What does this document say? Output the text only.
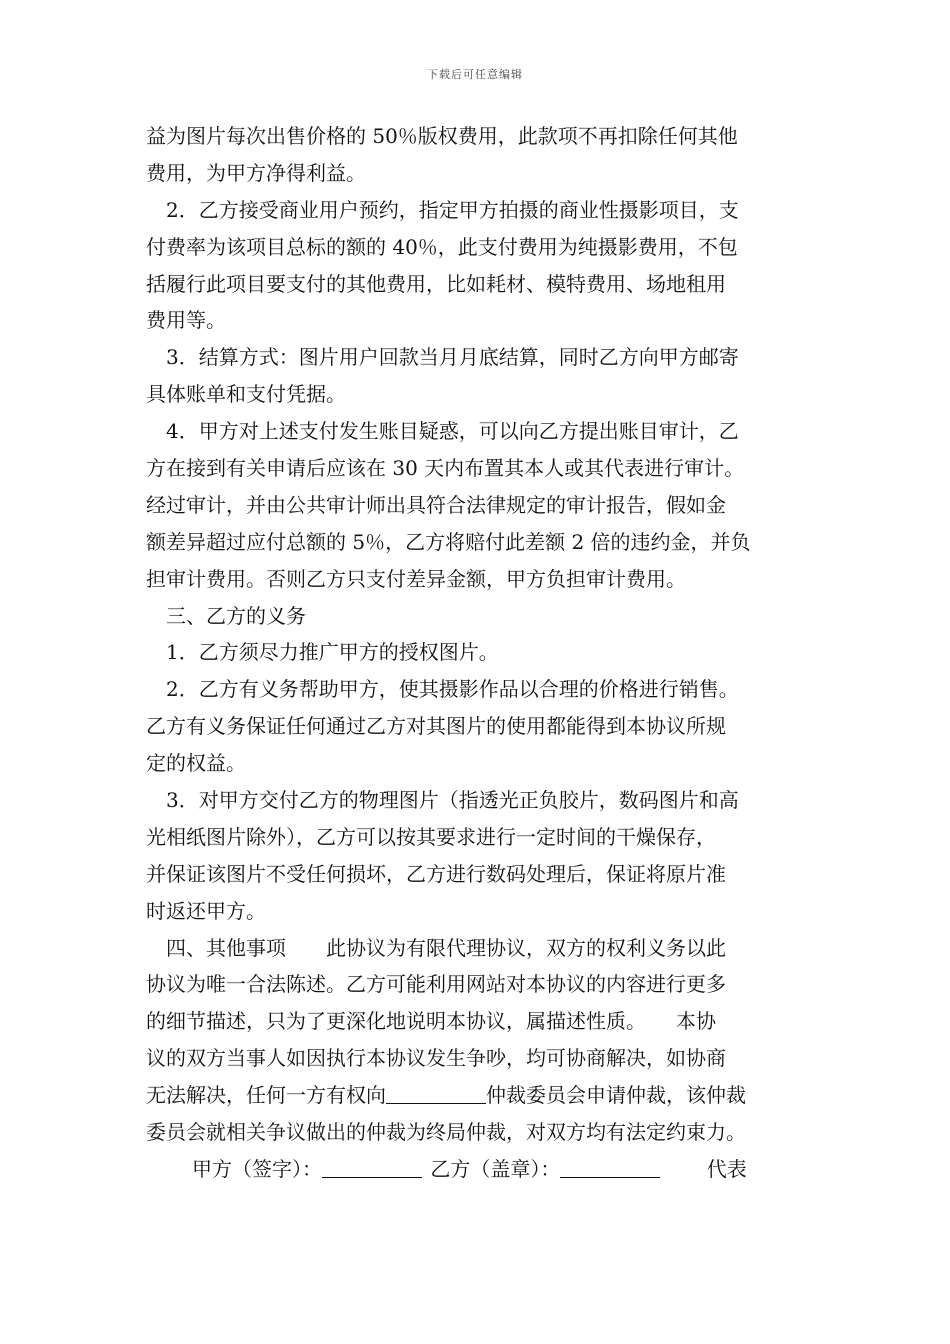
下载后可任意编辑
益为图片每次出售价格的 50％版权费用，此款项不再扣除任何其他
费用，为甲方净得利益。
2．乙方接受商业用户预约，指定甲方拍摄的商业性摄影项目，支
付费率为该项目总标的额的 40％，此支付费用为纯摄影费用，不包
括履行此项目要支付的其他费用，比如耗材、模特费用、场地租用
费用等。
3．结算方式：图片用户回款当月月底结算，同时乙方向甲方邮寄
具体账单和支付凭据。
4．甲方对上述支付发生账目疑惑，可以向乙方提出账目审计，乙
方在接到有关申请后应该在 30 天内布置其本人或其代表进行审计。
经过审计，并由公共审计师出具符合法律规定的审计报告，假如金
额差异超过应付总额的 5％，乙方将赔付此差额 2 倍的违约金，并负
担审计费用。否则乙方只支付差异金额，甲方负担审计费用。
三、乙方的义务
1．乙方须尽力推广甲方的授权图片。
2．乙方有义务帮助甲方，使其摄影作品以合理的价格进行销售。
乙方有义务保证任何通过乙方对其图片的使用都能得到本协议所规
定的权益。
3．对甲方交付乙方的物理图片（指透光正负胶片，数码图片和高
光相纸图片除外），乙方可以按其要求进行一定时间的干燥保存，
并保证该图片不受任何损坏，乙方进行数码处理后，保证将原片准
时返还甲方。
四、其他事项　　此协议为有限代理协议，双方的权利义务以此
协议为唯一合法陈述。乙方可能利用网站对本协议的内容进行更多
的细节描述，只为了更深化地说明本协议，属描述性质。　　本协
议的双方当事人如因执行本协议发生争吵，均可协商解决，如协商
无法解决，任何一方有权向	仲裁委员会申请仲裁，该仲裁
委员会就相关争议做出的仲裁为终局仲裁，对双方均有法定约束力。
甲方（签字）：	乙方（盖章）：	代表
